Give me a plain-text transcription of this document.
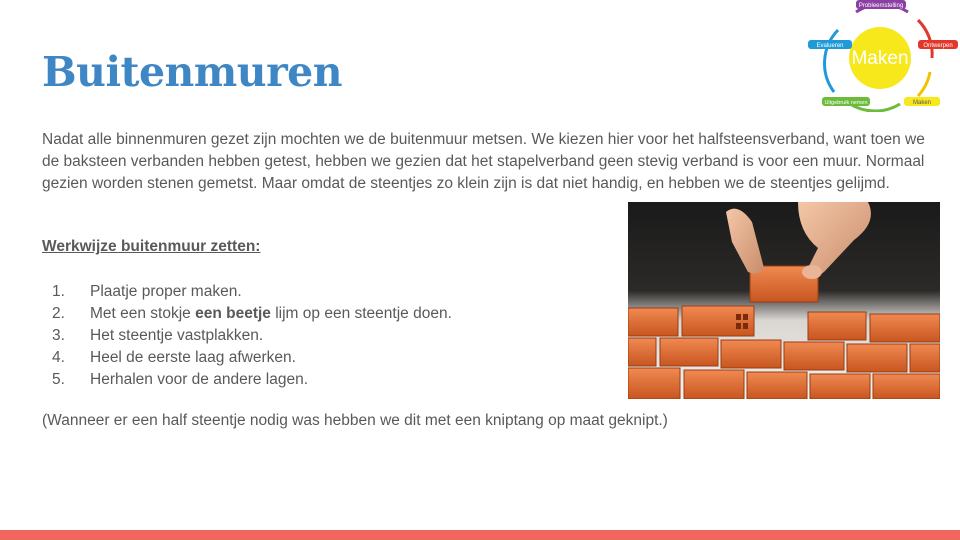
Buitenmuren

Nadat alle binnenmuren gezet zijn mochten we de buitenmuur metsen. We kiezen hier voor het halfsteensverband, want toen we de baksteen verbanden hebben getest, hebben we gezien dat het stapelverband geen stevig verband is voor een muur. Normaal gezien worden stenen gemetst. Maar omdat de steentjes zo klein zijn is dat niet handig, en hebben we de steentjes gelijmd.

Werkwijze buitenmuur zetten:
1.	Plaatje proper maken.
2.	Met een stokje een beetje lijm op een steentje doen.
3.	Het steentje vastplakken.
4.	Heel de eerste laag afwerken.
5.	Herhalen voor de andere lagen.
(Wanneer er een half steentje nodig was hebben we dit met een kniptang op maat geknipt.)
Maken
Probleemstelling
Ontwerpen
Maken
Uitgebruik nemen
Evalueren
